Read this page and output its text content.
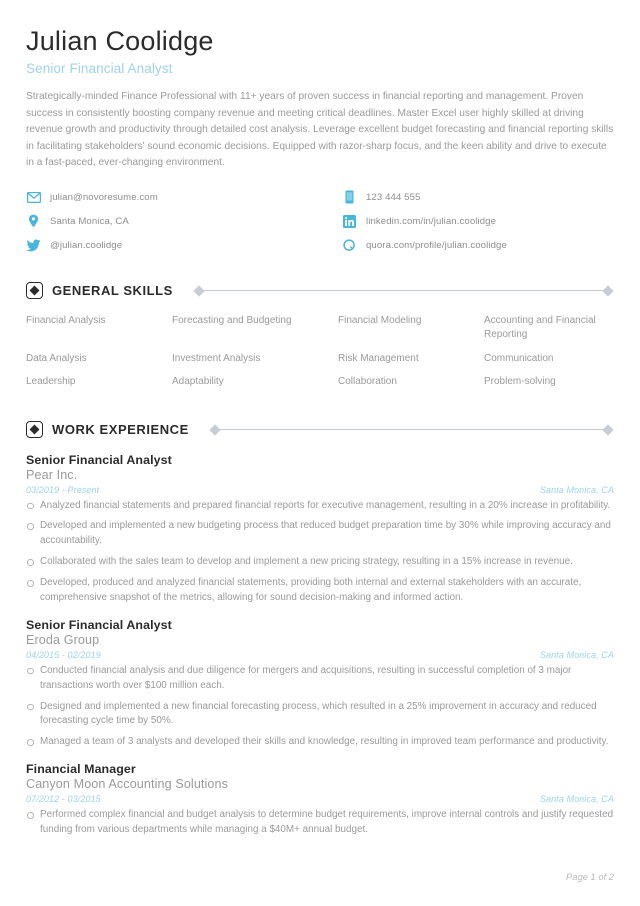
Julian Coolidge
Senior Financial Analyst
Strategically-minded Finance Professional with 11+ years of proven success in financial reporting and management. Proven success in consistently boosting company revenue and meeting critical deadlines. Master Excel user highly skilled at driving revenue growth and productivity through detailed cost analysis. Leverage excellent budget forecasting and financial reporting skills in facilitating stakeholders' sound economic decisions. Equipped with razor-sharp focus, and the keen ability and drive to execute in a fast-paced, ever-changing environment.
julian@novoresume.com
Santa Monica, CA
@julian.coolidge
123 444 555
linkedin.com/in/julian.coolidge
quora.com/profile/julian.coolidge
GENERAL SKILLS
Financial Analysis	Forecasting and Budgeting	Financial Modeling	Accounting and Financial Reporting
Data Analysis	Investment Analysis	Risk Management	Communication
Leadership	Adaptability	Collaboration	Problem-solving
WORK EXPERIENCE
Senior Financial Analyst
Pear Inc.
03/2019 - Present	Santa Monica, CA
Analyzed financial statements and prepared financial reports for executive management, resulting in a 20% increase in profitability.
Developed and implemented a new budgeting process that reduced budget preparation time by 30% while improving accuracy and accountability.
Collaborated with the sales team to develop and implement a new pricing strategy, resulting in a 15% increase in revenue.
Developed, produced and analyzed financial statements, providing both internal and external stakeholders with an accurate, comprehensive snapshot of the metrics, allowing for sound decision-making and informed action.
Senior Financial Analyst
Eroda Group
04/2015 - 02/2019	Santa Monica, CA
Conducted financial analysis and due diligence for mergers and acquisitions, resulting in successful completion of 3 major transactions worth over $100 million each.
Designed and implemented a new financial forecasting process, which resulted in a 25% improvement in accuracy and reduced forecasting cycle time by 50%.
Managed a team of 3 analysts and developed their skills and knowledge, resulting in improved team performance and productivity.
Financial Manager
Canyon Moon Accounting Solutions
07/2012 - 03/2015	Santa Monica, CA
Performed complex financial and budget analysis to determine budget requirements, improve internal controls and justify requested funding from various departments while managing a $40M+ annual budget.
Page 1 of 2
